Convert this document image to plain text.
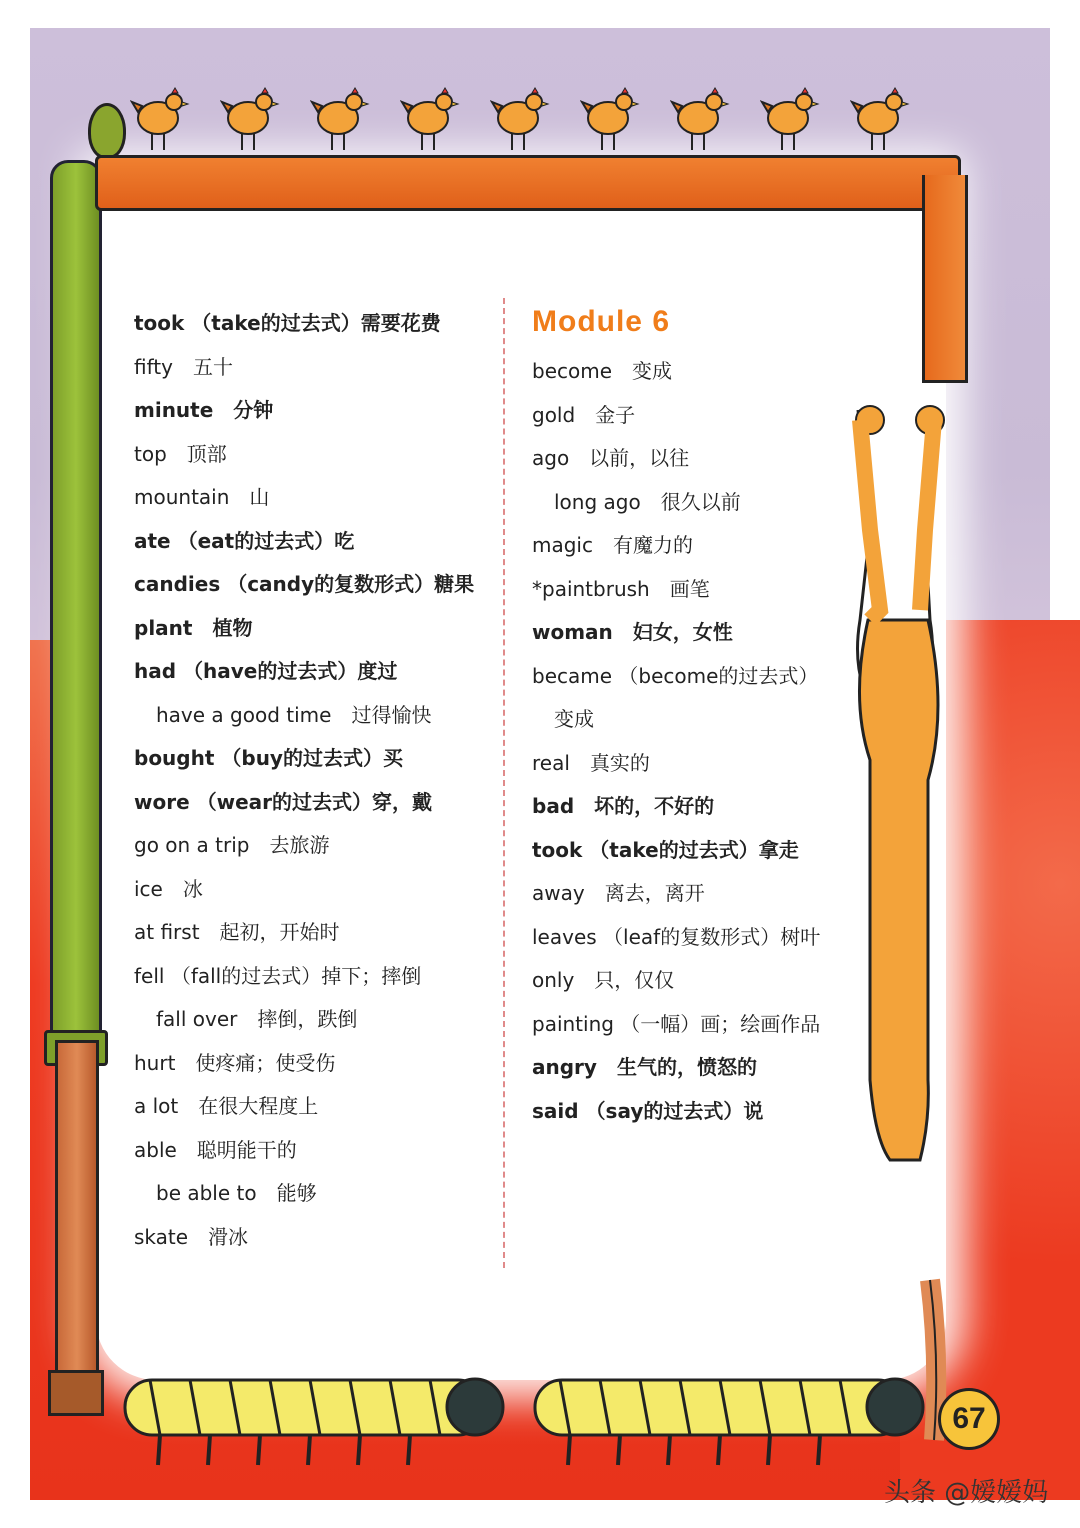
took （take的过去式）需要花费
fifty　五十
minute　分钟
top　顶部
mountain　山
ate （eat的过去式）吃
candies （candy的复数形式）糖果
plant　植物
had （have的过去式）度过
have a good time　过得愉快
bought （buy的过去式）买
wore （wear的过去式）穿，戴
go on a trip　去旅游
ice　冰
at first　起初，开始时
fell （fall的过去式）掉下；摔倒
fall over　摔倒，跌倒
hurt　使疼痛；使受伤
a lot　在很大程度上
able　聪明能干的
be able to　能够
skate　滑冰
Module 6
become　变成
gold　金子
ago　以前，以往
long ago　很久以前
magic　有魔力的
*paintbrush　画笔
woman　妇女，女性
became （become的过去式）
变成
real　真实的
bad　坏的，不好的
took （take的过去式）拿走
away　离去，离开
leaves （leaf的复数形式）树叶
only　只，仅仅
painting （一幅）画；绘画作品
angry　生气的，愤怒的
said （say的过去式）说
67
头条 @嫒嫒妈
